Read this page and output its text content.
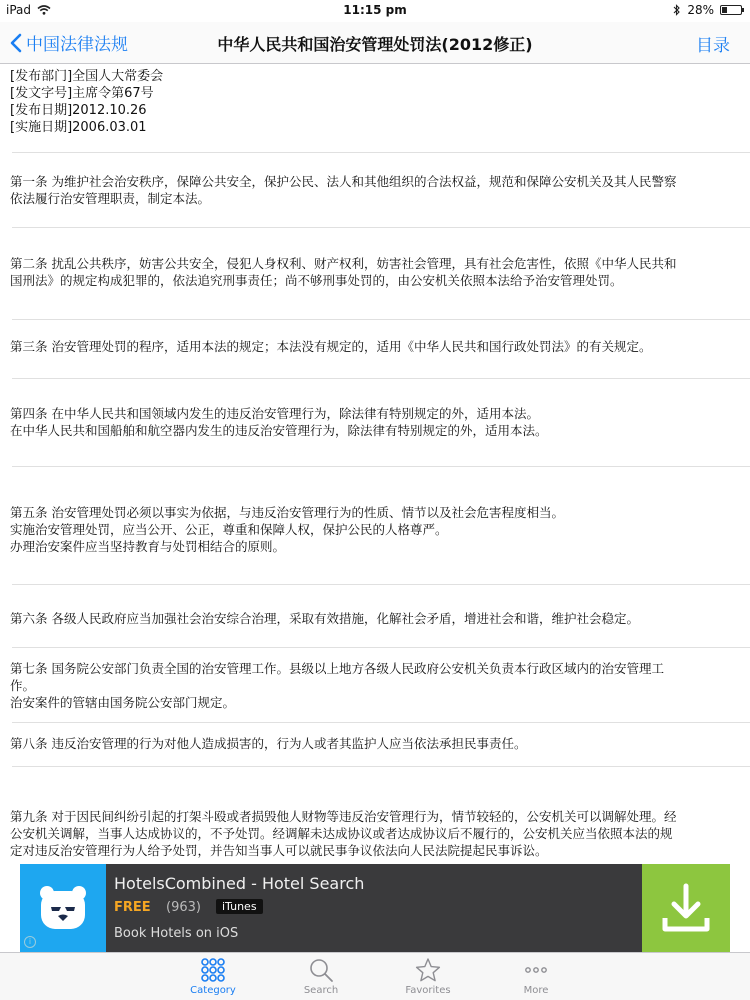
iPad	11:15 pm	28%
中国法律法规	中华人民共和国治安管理处罚法(2012修正)	目录
[发布部门]全国人大常委会
[发文字号]主席令第67号
[发布日期]2012.10.26
[实施日期]2006.03.01
第一条 为维护社会治安秩序，保障公共安全，保护公民、法人和其他组织的合法权益，规范和保障公安机关及其人民警察
依法履行治安管理职责，制定本法。
第二条 扰乱公共秩序，妨害公共安全，侵犯人身权利、财产权利，妨害社会管理，具有社会危害性，依照《中华人民共和
国刑法》的规定构成犯罪的，依法追究刑事责任；尚不够刑事处罚的，由公安机关依照本法给予治安管理处罚。
第三条 治安管理处罚的程序，适用本法的规定；本法没有规定的，适用《中华人民共和国行政处罚法》的有关规定。
第四条 在中华人民共和国领域内发生的违反治安管理行为，除法律有特别规定的外，适用本法。
在中华人民共和国船舶和航空器内发生的违反治安管理行为，除法律有特别规定的外，适用本法。
第五条 治安管理处罚必须以事实为依据，与违反治安管理行为的性质、情节以及社会危害程度相当。
实施治安管理处罚，应当公开、公正，尊重和保障人权，保护公民的人格尊严。
办理治安案件应当坚持教育与处罚相结合的原则。
第六条 各级人民政府应当加强社会治安综合治理，采取有效措施，化解社会矛盾，增进社会和谐，维护社会稳定。
第七条 国务院公安部门负责全国的治安管理工作。县级以上地方各级人民政府公安机关负责本行政区域内的治安管理工
作。
治安案件的管辖由国务院公安部门规定。
第八条 违反治安管理的行为对他人造成损害的，行为人或者其监护人应当依法承担民事责任。
第九条 对于因民间纠纷引起的打架斗殴或者损毁他人财物等违反治安管理行为，情节较轻的，公安机关可以调解处理。经
公安机关调解，当事人达成协议的，不予处罚。经调解未达成协议或者达成协议后不履行的，公安机关应当依照本法的规
定对违反治安管理行为人给予处罚，并告知当事人可以就民事争议依法向人民法院提起民事诉讼。
HotelsCombined - Hotel Search
FREE (963)	iTunes
Book Hotels on iOS
i
Category	Search	Favorites	More
